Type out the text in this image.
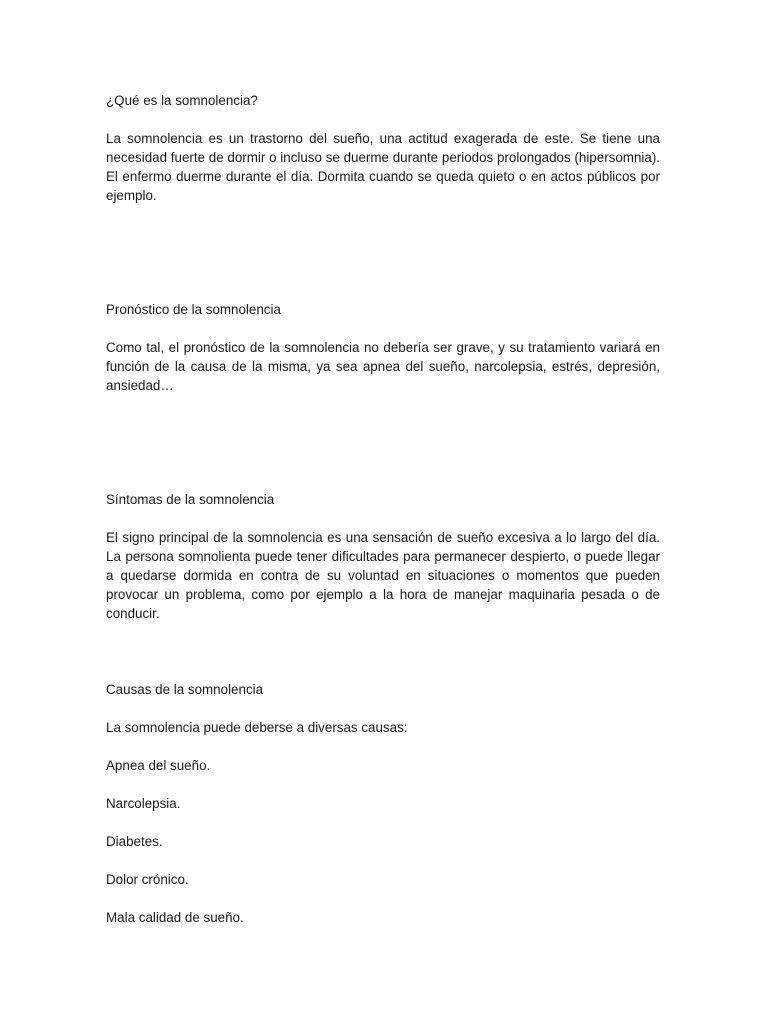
¿Qué es la somnolencia?

La somnolencia es un trastorno del sueño, una actitud exagerada de este. Se tiene una necesidad fuerte de dormir o incluso se duerme durante periodos prolongados (hipersomnia). El enfermo duerme durante el día. Dormita cuando se queda quieto o en actos públicos por ejemplo.

Pronóstico de la somnolencia

Como tal, el pronóstico de la somnolencia no debería ser grave, y su tratamiento variará en función de la causa de la misma, ya sea apnea del sueño, narcolepsia, estrés, depresión, ansiedad…

Síntomas de la somnolencia

El signo principal de la somnolencia es una sensación de sueño excesiva a lo largo del día. La persona somnolienta puede tener dificultades para permanecer despierto, o puede llegar a quedarse dormida en contra de su voluntad en situaciones o momentos que pueden provocar un problema, como por ejemplo a la hora de manejar maquinaria pesada o de conducir.

Causas de la somnolencia

La somnolencia puede deberse a diversas causas:

Apnea del sueño.

Narcolepsia.

Diabetes.

Dolor crónico.

Mala calidad de sueño.
